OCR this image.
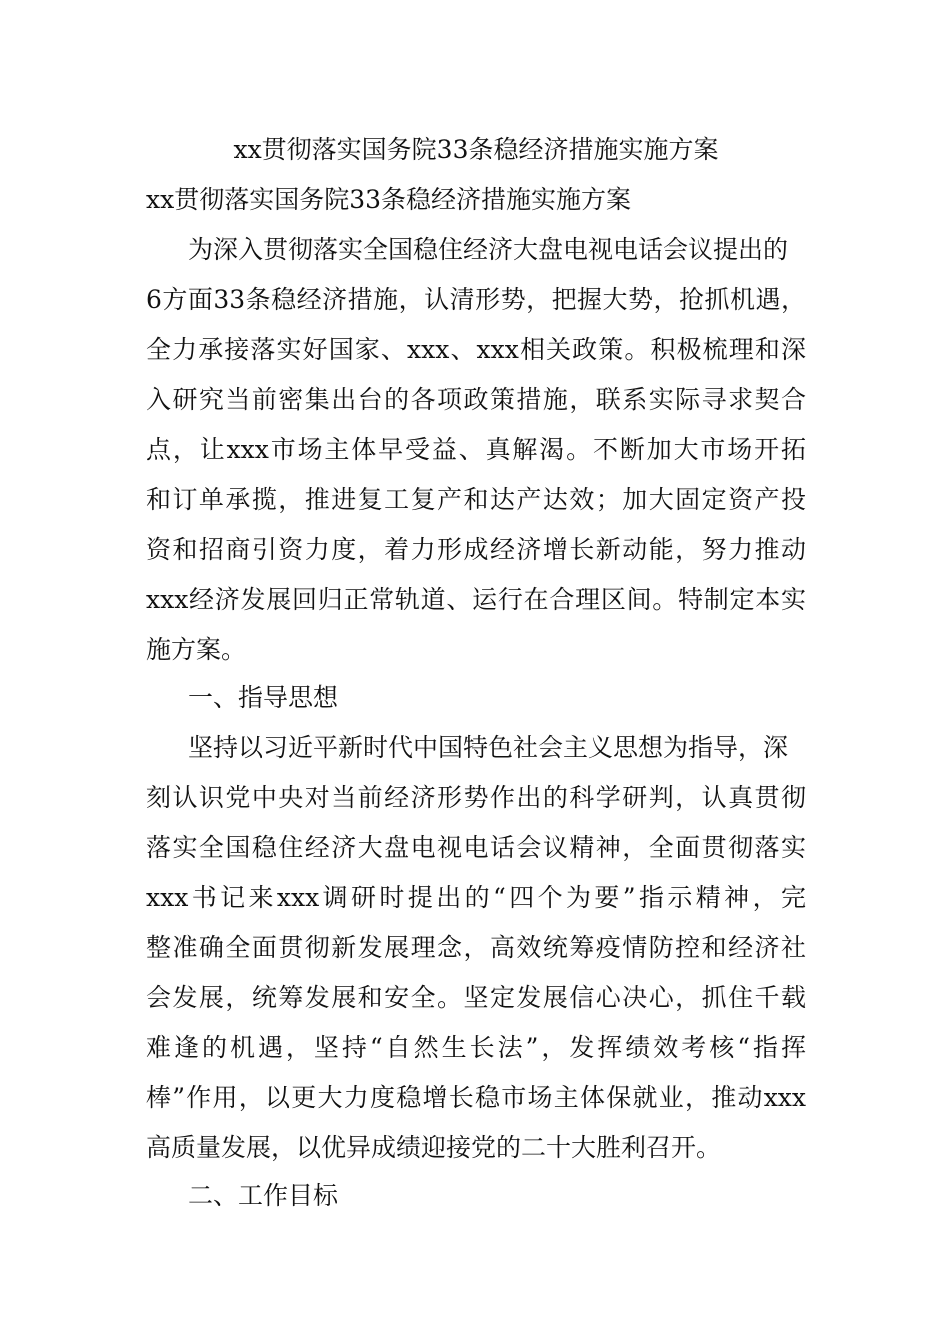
xx贯彻落实国务院33条稳经济措施实施方案
xx贯彻落实国务院33条稳经济措施实施方案
为深入贯彻落实全国稳住经济大盘电视电话会议提出的
6方面33条稳经济措施，认清形势，把握大势，抢抓机遇，
全力承接落实好国家、xxx、xxx相关政策。积极梳理和深
入研究当前密集出台的各项政策措施，联系实际寻求契合
点，让xxx市场主体早受益、真解渴。不断加大市场开拓
和订单承揽，推进复工复产和达产达效；加大固定资产投
资和招商引资力度，着力形成经济增长新动能，努力推动
xxx经济发展回归正常轨道、运行在合理区间。特制定本实
施方案。
一、指导思想
坚持以习近平新时代中国特色社会主义思想为指导，深
刻认识党中央对当前经济形势作出的科学研判，认真贯彻
落实全国稳住经济大盘电视电话会议精神，全面贯彻落实
xxx书记来xxx调研时提出的“四个为要”指示精神，完
整准确全面贯彻新发展理念，高效统筹疫情防控和经济社
会发展，统筹发展和安全。坚定发展信心决心，抓住千载
难逢的机遇，坚持“自然生长法”，发挥绩效考核“指挥
棒”作用，以更大力度稳增长稳市场主体保就业，推动xxx
高质量发展，以优异成绩迎接党的二十大胜利召开。
二、工作目标
